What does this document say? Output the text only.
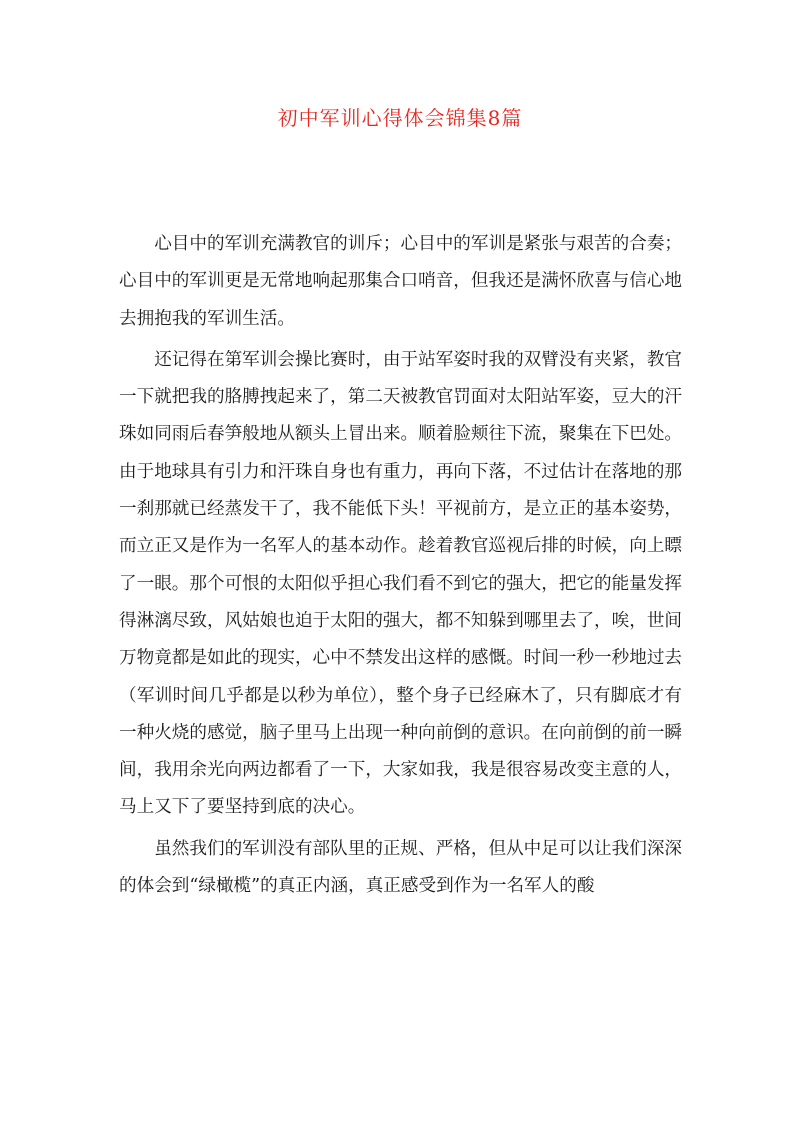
初中军训心得体会锦集8篇

心目中的军训充满教官的训斥；心目中的军训是紧张与艰苦的合奏；心目中的军训更是无常地响起那集合口哨音，但我还是满怀欣喜与信心地去拥抱我的军训生活。

还记得在第军训会操比赛时，由于站军姿时我的双臂没有夹紧，教官一下就把我的胳膊拽起来了，第二天被教官罚面对太阳站军姿，豆大的汗珠如同雨后春笋般地从额头上冒出来。顺着脸颊往下流，聚集在下巴处。由于地球具有引力和汗珠自身也有重力，再向下落，不过估计在落地的那一刹那就已经蒸发干了，我不能低下头！平视前方，是立正的基本姿势，而立正又是作为一名军人的基本动作。趁着教官巡视后排的时候，向上瞟了一眼。那个可恨的太阳似乎担心我们看不到它的强大，把它的能量发挥得淋漓尽致，风姑娘也迫于太阳的强大，都不知躲到哪里去了，唉，世间万物竟都是如此的现实，心中不禁发出这样的感慨。时间一秒一秒地过去（军训时间几乎都是以秒为单位），整个身子已经麻木了，只有脚底才有一种火烧的感觉，脑子里马上出现一种向前倒的意识。在向前倒的前一瞬间，我用余光向两边都看了一下，大家如我，我是很容易改变主意的人，马上又下了要坚持到底的决心。

虽然我们的军训没有部队里的正规、严格，但从中足可以让我们深深的体会到“绿橄榄”的真正内涵，真正感受到作为一名军人的酸
